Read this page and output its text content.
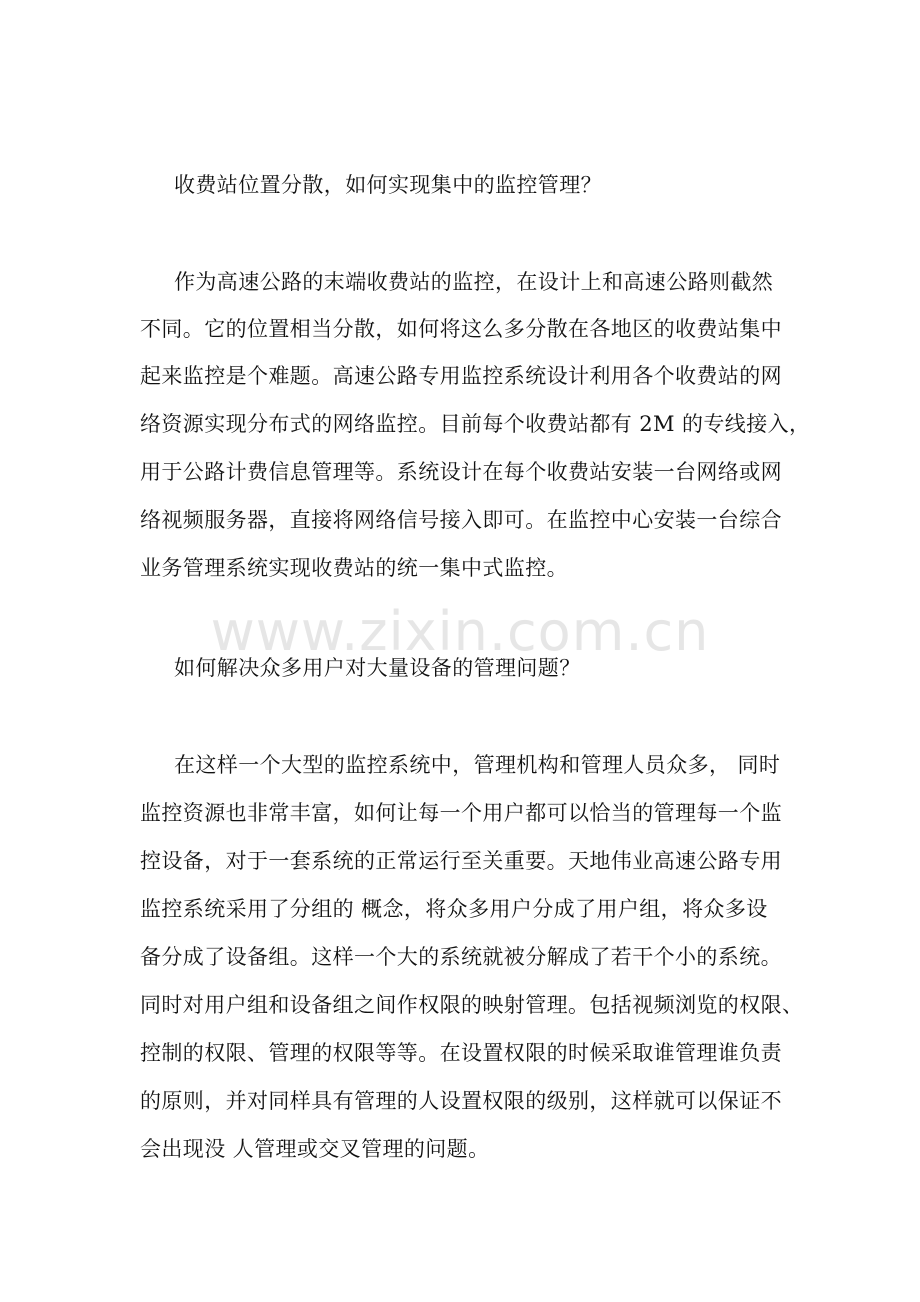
收费站位置分散，如何实现集中的监控管理？
作为高速公路的末端收费站的监控，在设计上和高速公路则截然
不同。它的位置相当分散，如何将这么多分散在各地区的收费站集中
起来监控是个难题。高速公路专用监控系统设计利用各个收费站的网
络资源实现分布式的网络监控。目前每个收费站都有 2M 的专线接入，
用于公路计费信息管理等。系统设计在每个收费站安装一台网络或网
络视频服务器，直接将网络信号接入即可。在监控中心安装一台综合
业务管理系统实现收费站的统一集中式监控。
www.zixin.com.cn
如何解决众多用户对大量设备的管理问题？
在这样一个大型的监控系统中，管理机构和管理人员众多， 同时
监控资源也非常丰富，如何让每一个用户都可以恰当的管理每一个监
控设备，对于一套系统的正常运行至关重要。天地伟业高速公路专用
监控系统采用了分组的 概念，将众多用户分成了用户组，将众多设
备分成了设备组。这样一个大的系统就被分解成了若干个小的系统。
同时对用户组和设备组之间作权限的映射管理。包括视频浏览的权限、
控制的权限、管理的权限等等。在设置权限的时候采取谁管理谁负责
的原则，并对同样具有管理的人设置权限的级别，这样就可以保证不
会出现没 人管理或交叉管理的问题。
